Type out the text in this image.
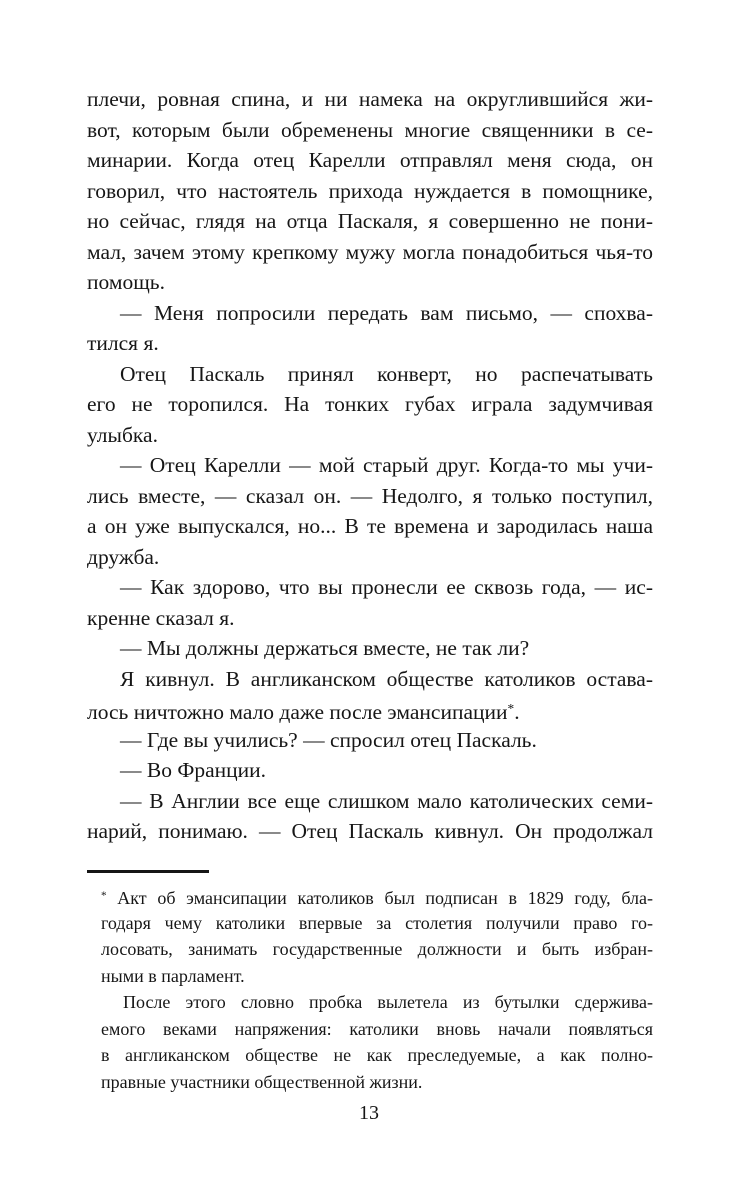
плечи, ровная спина, и ни намека на округлившийся жи-
вот, которым были обременены многие священники в се-
минарии. Когда отец Карелли отправлял меня сюда, он
говорил, что настоятель прихода нуждается в помощнике,
но сейчас, глядя на отца Паскаля, я совершенно не пони-
мал, зачем этому крепкому мужу могла понадобиться чья-то
помощь.
— Меня попросили передать вам письмо, — спохва-
тился я.
Отец Паскаль принял конверт, но распечатывать
его не торопился. На тонких губах играла задумчивая
улыбка.
— Отец Карелли — мой старый друг. Когда-то мы учи-
лись вместе, — сказал он. — Недолго, я только поступил,
а он уже выпускался, но... В те времена и зародилась наша
дружба.
— Как здорово, что вы пронесли ее сквозь года, — ис-
кренне сказал я.
— Мы должны держаться вместе, не так ли?
Я кивнул. В англиканском обществе католиков остава-
лось ничтожно мало даже после эмансипации*.
— Где вы учились? — спросил отец Паскаль.
— Во Франции.
— В Англии все еще слишком мало католических семи-
нарий, понимаю. — Отец Паскаль кивнул. Он продолжал
* Акт об эмансипации католиков был подписан в 1829 году, бла-
годаря чему католики впервые за столетия получили право го-
лосовать, занимать государственные должности и быть избран-
ными в парламент.
После этого словно пробка вылетела из бутылки сдержива-
емого веками напряжения: католики вновь начали появляться
в англиканском обществе не как преследуемые, а как полно-
правные участники общественной жизни.
13
